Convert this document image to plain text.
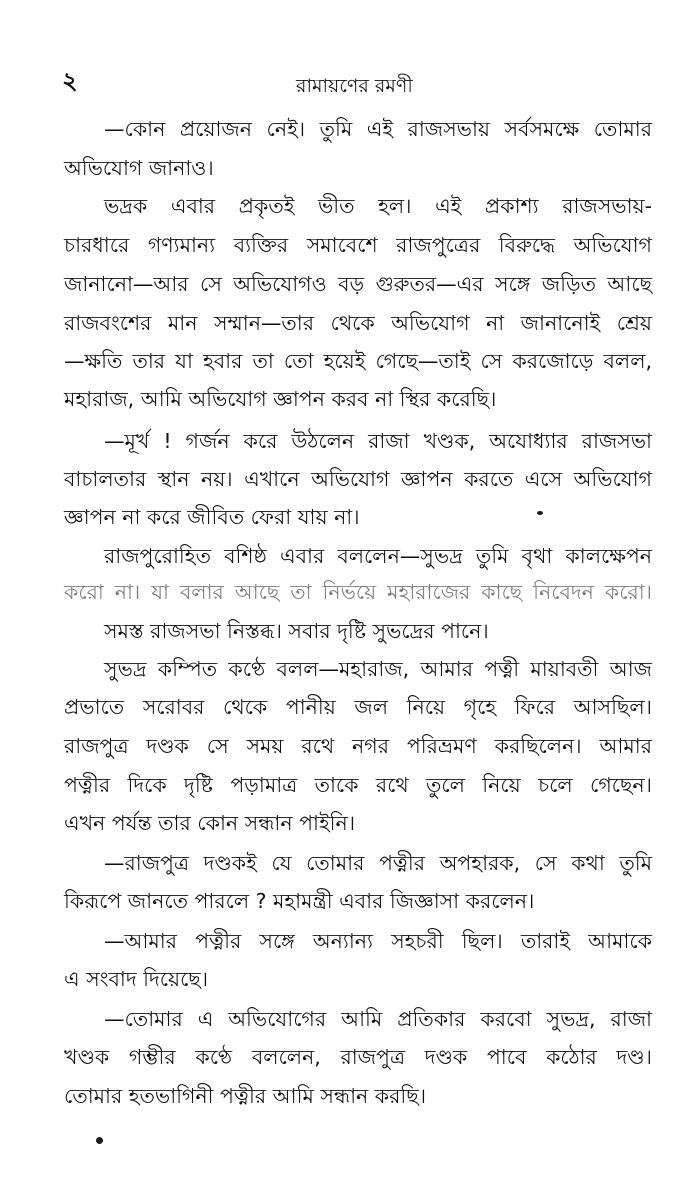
২	রামায়ণের রমণী
—কোন প্রয়োজন নেই। তুমি এই রাজসভায় সর্বসমক্ষে তোমার
অভিযোগ জানাও।
ভদ্রক এবার প্রকৃতই ভীত হল। এই প্রকাশ্য রাজসভায়-
চারধারে গণ্যমান্য ব্যক্তির সমাবেশে রাজপুত্রের বিরুদ্ধে অভিযোগ
জানানো—আর সে অভিযোগও বড় গুরুতর—এর সঙ্গে জড়িত আছে
রাজবংশের মান সম্মান—তার থেকে অভিযোগ না জানানোই শ্রেয়
—ক্ষতি তার যা হবার তা তো হয়েই গেছে—তাই সে করজোড়ে বলল,
মহারাজ, আমি অভিযোগ জ্ঞাপন করব না স্থির করেছি।
—মূর্খ ! গর্জন করে উঠলেন রাজা খণ্ডক, অযোধ্যার রাজসভা
বাচালতার স্থান নয়। এখানে অভিযোগ জ্ঞাপন করতে এসে অভিযোগ
জ্ঞাপন না করে জীবিত ফেরা যায় না।
রাজপুরোহিত বশিষ্ঠ এবার বললেন—সুভদ্র তুমি বৃথা কালক্ষেপন
করো না। যা বলার আছে তা নির্ভয়ে মহারাজের কাছে নিবেদন করো।
সমস্ত রাজসভা নিস্তব্ধ। সবার দৃষ্টি সুভদ্রের পানে।
সুভদ্র কম্পিত কণ্ঠে বলল—মহারাজ, আমার পত্নী মায়াবতী আজ
প্রভাতে সরোবর থেকে পানীয় জল নিয়ে গৃহে ফিরে আসছিল।
রাজপুত্র দণ্ডক সে সময় রথে নগর পরিভ্রমণ করছিলেন। আমার
পত্নীর দিকে দৃষ্টি পড়ামাত্র তাকে রথে তুলে নিয়ে চলে গেছেন।
এখন পর্যন্ত তার কোন সন্ধান পাইনি।
—রাজপুত্র দণ্ডকই যে তোমার পত্নীর অপহারক, সে কথা তুমি
কিরূপে জানতে পারলে ? মহামন্ত্রী এবার জিজ্ঞাসা করলেন।
—আমার পত্নীর সঙ্গে অন্যান্য সহচরী ছিল। তারাই আমাকে
এ সংবাদ দিয়েছে।
—তোমার এ অভিযোগের আমি প্রতিকার করবো সুভদ্র, রাজা
খণ্ডক গম্ভীর কণ্ঠে বললেন, রাজপুত্র দণ্ডক পাবে কঠোর দণ্ড।
তোমার হতভাগিনী পত্নীর আমি সন্ধান করছি।
